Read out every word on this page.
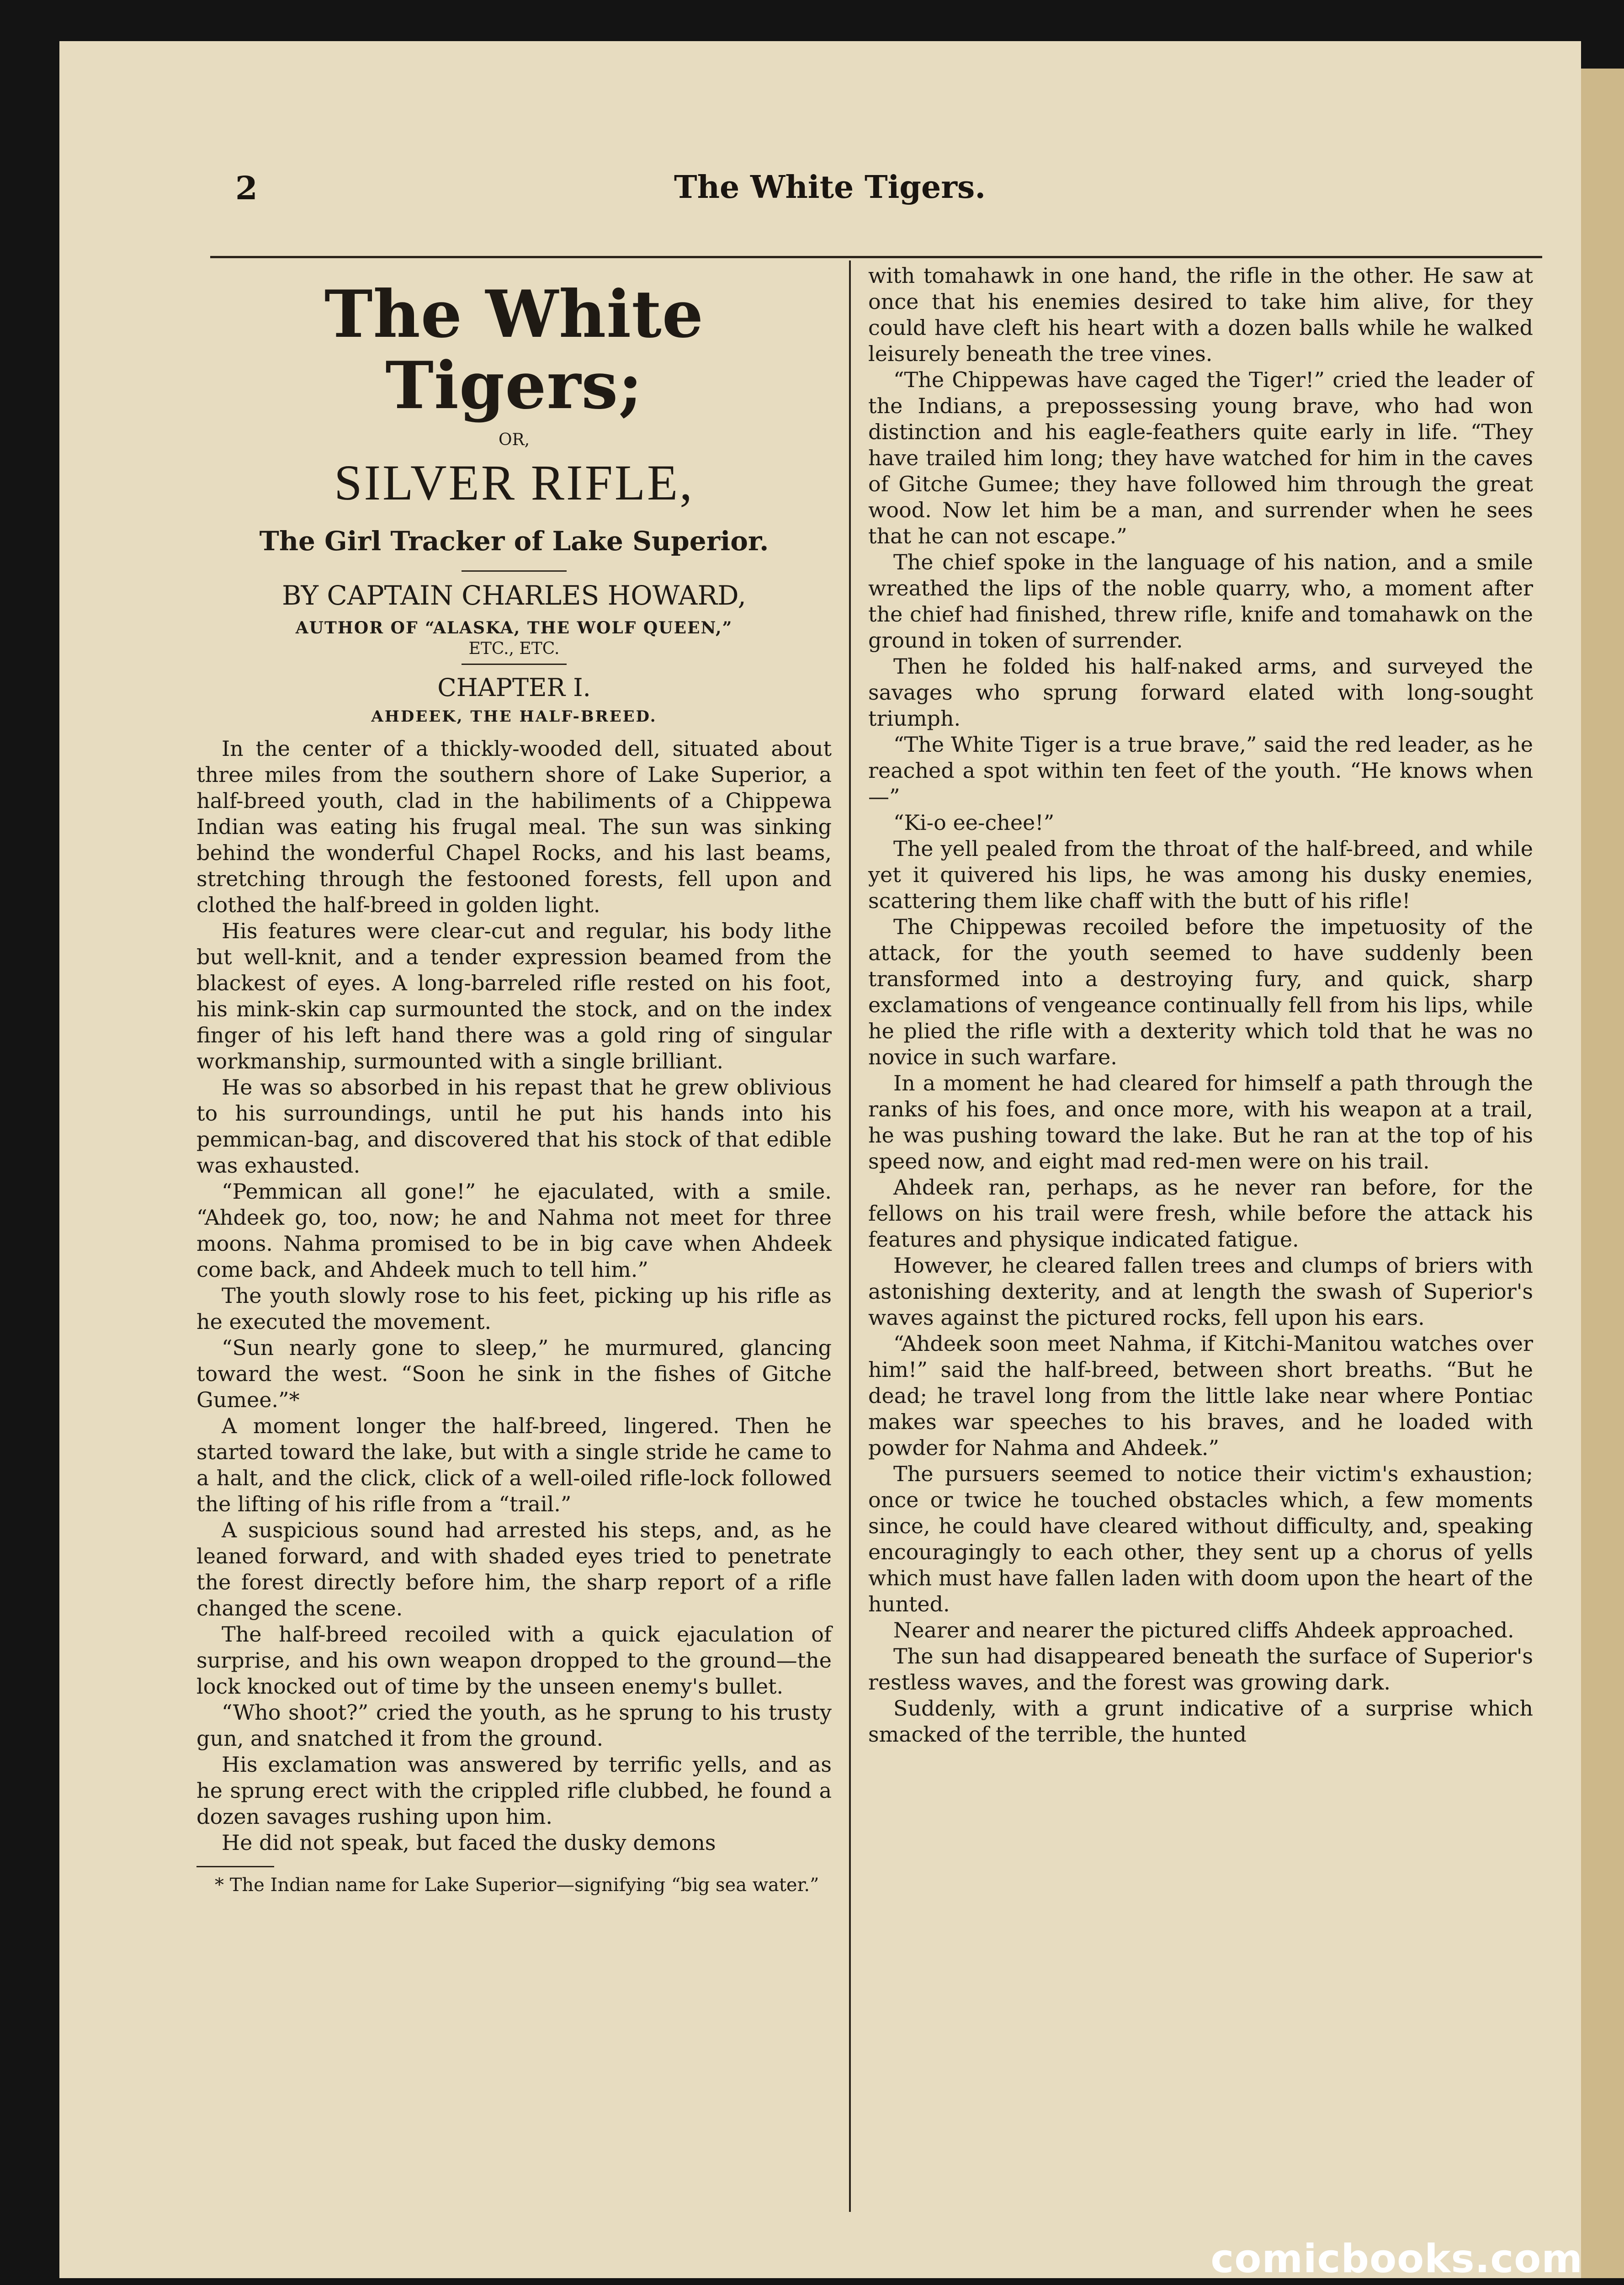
2	The White Tigers.
The White Tigers;
OR,
SILVER RIFLE,
The Girl Tracker of Lake Superior.
BY CAPTAIN CHARLES HOWARD,
AUTHOR OF “ALASKA, THE WOLF QUEEN,”
ETC., ETC.
CHAPTER I.
AHDEEK, THE HALF-BREED.

In the center of a thickly-wooded dell, situated about three miles from the southern shore of Lake Superior, a half-breed youth, clad in the habiliments of a Chippewa Indian was eating his frugal meal. The sun was sinking behind the wonderful Chapel Rocks, and his last beams, stretching through the festooned forests, fell upon and clothed the half-breed in golden light.

His features were clear-cut and regular, his body lithe but well-knit, and a tender expression beamed from the blackest of eyes. A long-barreled rifle rested on his foot, his mink-skin cap surmounted the stock, and on the index finger of his left hand there was a gold ring of singular workmanship, surmounted with a single brilliant.

He was so absorbed in his repast that he grew oblivious to his surroundings, until he put his hands into his pemmican-bag, and discovered that his stock of that edible was exhausted.

“Pemmican all gone!” he ejaculated, with a smile. “Ahdeek go, too, now; he and Nahma not meet for three moons. Nahma promised to be in big cave when Ahdeek come back, and Ahdeek much to tell him.”

The youth slowly rose to his feet, picking up his rifle as he executed the movement.

“Sun nearly gone to sleep,” he murmured, glancing toward the west. “Soon he sink in the fishes of Gitche Gumee.”*

A moment longer the half-breed, lingered. Then he started toward the lake, but with a single stride he came to a halt, and the click, click of a well-oiled rifle-lock followed the lifting of his rifle from a “trail.”

A suspicious sound had arrested his steps, and, as he leaned forward, and with shaded eyes tried to penetrate the forest directly before him, the sharp report of a rifle changed the scene.

The half-breed recoiled with a quick ejaculation of surprise, and his own weapon dropped to the ground—the lock knocked out of time by the unseen enemy's bullet.

“Who shoot?” cried the youth, as he sprung to his trusty gun, and snatched it from the ground.

His exclamation was answered by terrific yells, and as he sprung erect with the crippled rifle clubbed, he found a dozen savages rushing upon him.

He did not speak, but faced the dusky demons

* The Indian name for Lake Superior—signifying “big sea water.”

with tomahawk in one hand, the rifle in the other. He saw at once that his enemies desired to take him alive, for they could have cleft his heart with a dozen balls while he walked leisurely beneath the tree vines.

“The Chippewas have caged the Tiger!” cried the leader of the Indians, a prepossessing young brave, who had won distinction and his eagle-feathers quite early in life. “They have trailed him long; they have watched for him in the caves of Gitche Gumee; they have followed him through the great wood. Now let him be a man, and surrender when he sees that he can not escape.”

The chief spoke in the language of his nation, and a smile wreathed the lips of the noble quarry, who, a moment after the chief had finished, threw rifle, knife and tomahawk on the ground in token of surrender.

Then he folded his half-naked arms, and surveyed the savages who sprung forward elated with long-sought triumph.

“The White Tiger is a true brave,” said the red leader, as he reached a spot within ten feet of the youth. “He knows when—”

“Ki-o ee-chee!”

The yell pealed from the throat of the half-breed, and while yet it quivered his lips, he was among his dusky enemies, scattering them like chaff with the butt of his rifle!

The Chippewas recoiled before the impetuosity of the attack, for the youth seemed to have suddenly been transformed into a destroying fury, and quick, sharp exclamations of vengeance continually fell from his lips, while he plied the rifle with a dexterity which told that he was no novice in such warfare.

In a moment he had cleared for himself a path through the ranks of his foes, and once more, with his weapon at a trail, he was pushing toward the lake. But he ran at the top of his speed now, and eight mad red-men were on his trail.

Ahdeek ran, perhaps, as he never ran before, for the fellows on his trail were fresh, while before the attack his features and physique indicated fatigue.

However, he cleared fallen trees and clumps of briers with astonishing dexterity, and at length the swash of Superior's waves against the pictured rocks, fell upon his ears.

“Ahdeek soon meet Nahma, if Kitchi-Manitou watches over him!” said the half-breed, between short breaths. “But he dead; he travel long from the little lake near where Pontiac makes war speeches to his braves, and he loaded with powder for Nahma and Ahdeek.”

The pursuers seemed to notice their victim's exhaustion; once or twice he touched obstacles which, a few moments since, he could have cleared without difficulty, and, speaking encouragingly to each other, they sent up a chorus of yells which must have fallen laden with doom upon the heart of the hunted.

Nearer and nearer the pictured cliffs Ahdeek approached.

The sun had disappeared beneath the surface of Superior's restless waves, and the forest was growing dark.

Suddenly, with a grunt indicative of a surprise which smacked of the terrible, the hunted

comicbooks.com
